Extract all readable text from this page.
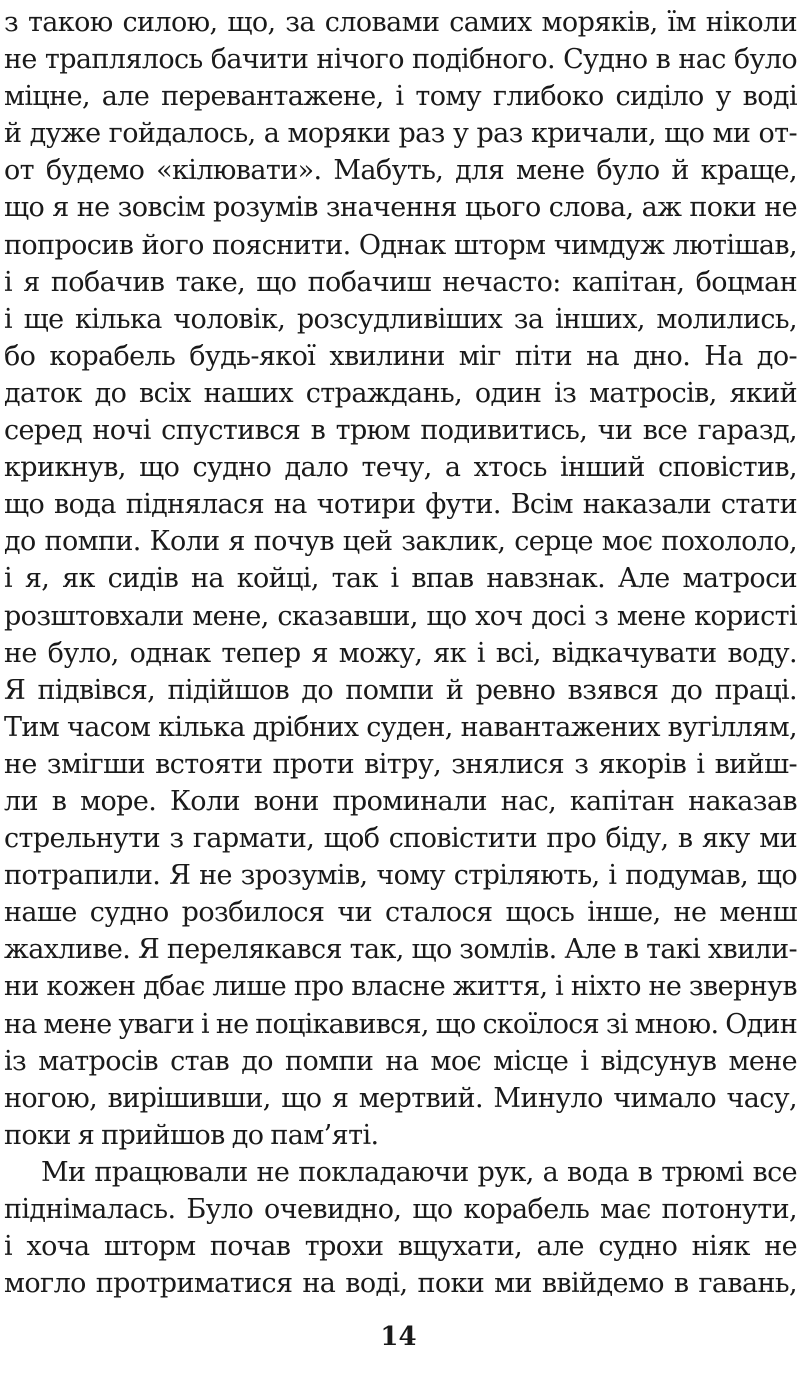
з такою силою, що, за словами самих моряків, їм ніколи
не траплялось бачити нічого подібного. Судно в нас було
міцне, але перевантажене, і тому глибоко сиділо у воді
й дуже гойдалось, а моряки раз у раз кричали, що ми от-
от будемо «кілювати». Мабуть, для мене було й краще,
що я не зовсім розумів значення цього слова, аж поки не
попросив його пояснити. Однак шторм чимдуж лютішав,
і я побачив таке, що побачиш нечасто: капітан, боцман
і ще кілька чоловік, розсудливіших за інших, молились,
бо корабель будь-якої хвилини міг піти на дно. На до-
даток до всіх наших страждань, один із матросів, який
серед ночі спустився в трюм подивитись, чи все гаразд,
крикнув, що судно дало течу, а хтось інший сповістив,
що вода піднялася на чотири фути. Всім наказали стати
до помпи. Коли я почув цей заклик, серце моє похололо,
і я, як сидів на койці, так і впав навзнак. Але матроси
розштовхали мене, сказавши, що хоч досі з мене користі
не було, однак тепер я можу, як і всі, відкачувати воду.
Я підвівся, підійшов до помпи й ревно взявся до праці.
Тим часом кілька дрібних суден, навантажених вугіллям,
не змігши встояти проти вітру, знялися з якорів і вийш-
ли в море. Коли вони проминали нас, капітан наказав
стрельнути з гармати, щоб сповістити про біду, в яку ми
потрапили. Я не зрозумів, чому стріляють, і подумав, що
наше судно розбилося чи сталося щось інше, не менш
жахливе. Я перелякався так, що зомлів. Але в такі хвили-
ни кожен дбає лише про власне життя, і ніхто не звернув
на мене уваги і не поцікавився, що скоїлося зі мною. Один
із матросів став до помпи на моє місце і відсунув мене
ногою, вирішивши, що я мертвий. Минуло чимало часу,
поки я прийшов до пам’яті.
Ми працювали не покладаючи рук, а вода в трюмі все
піднімалась. Було очевидно, що корабель має потонути,
і хоча шторм почав трохи вщухати, але судно ніяк не
могло протриматися на воді, поки ми ввійдемо в гавань,
14
